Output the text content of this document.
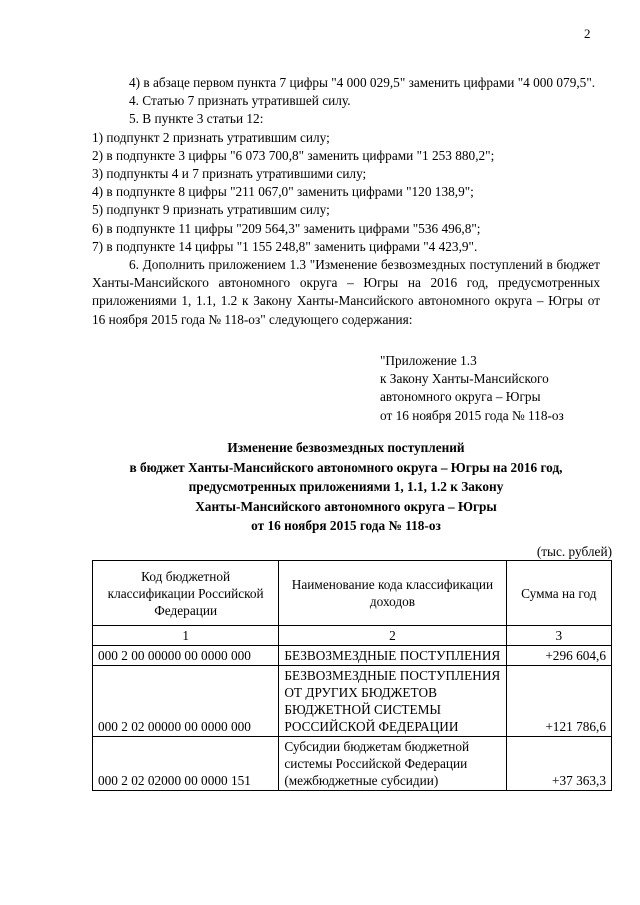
2

4) в абзаце первом пункта 7 цифры "4 000 029,5" заменить цифрами "4 000 079,5".

4. Статью 7 признать утратившей силу.

5. В пункте 3 статьи 12:

1) подпункт 2 признать утратившим силу;

2) в подпункте 3 цифры "6 073 700,8" заменить цифрами "1 253 880,2";

3) подпункты 4 и 7 признать утратившими силу;

4) в подпункте 8 цифры "211 067,0" заменить цифрами "120 138,9";

5) подпункт 9 признать утратившим силу;

6) в подпункте 11 цифры "209 564,3" заменить цифрами "536 496,8";

7) в подпункте 14 цифры "1 155 248,8" заменить цифрами "4 423,9".

6. Дополнить приложением 1.3 "Изменение безвозмездных поступлений в бюджет Ханты-Мансийского автономного округа – Югры на 2016 год, предусмотренных приложениями 1, 1.1, 1.2 к Закону Ханты-Мансийского автономного округа – Югры от 16 ноября 2015 года № 118-оз" следующего содержания:

"Приложение 1.3
к Закону Ханты-Мансийского
автономного округа – Югры
от 16 ноября 2015 года № 118-оз
Изменение безвозмездных поступлений
в бюджет Ханты-Мансийского автономного округа – Югры на 2016 год,
предусмотренных приложениями 1, 1.1, 1.2 к Закону
Ханты-Мансийского автономного округа – Югры
от 16 ноября 2015 года № 118-оз
(тыс. рублей)
Код бюджетной классификации Российской Федерации	Наименование кода классификации доходов	Сумма на год
1	2	3
000 2 00 00000 00 0000 000	БЕЗВОЗМЕЗДНЫЕ ПОСТУПЛЕНИЯ	+296 604,6
000 2 02 00000 00 0000 000	БЕЗВОЗМЕЗДНЫЕ ПОСТУПЛЕНИЯ ОТ ДРУГИХ БЮДЖЕТОВ БЮДЖЕТНОЙ СИСТЕМЫ РОССИЙСКОЙ ФЕДЕРАЦИИ	+121 786,6
000 2 02 02000 00 0000 151	Субсидии бюджетам бюджетной системы Российской Федерации (межбюджетные субсидии)	+37 363,3
